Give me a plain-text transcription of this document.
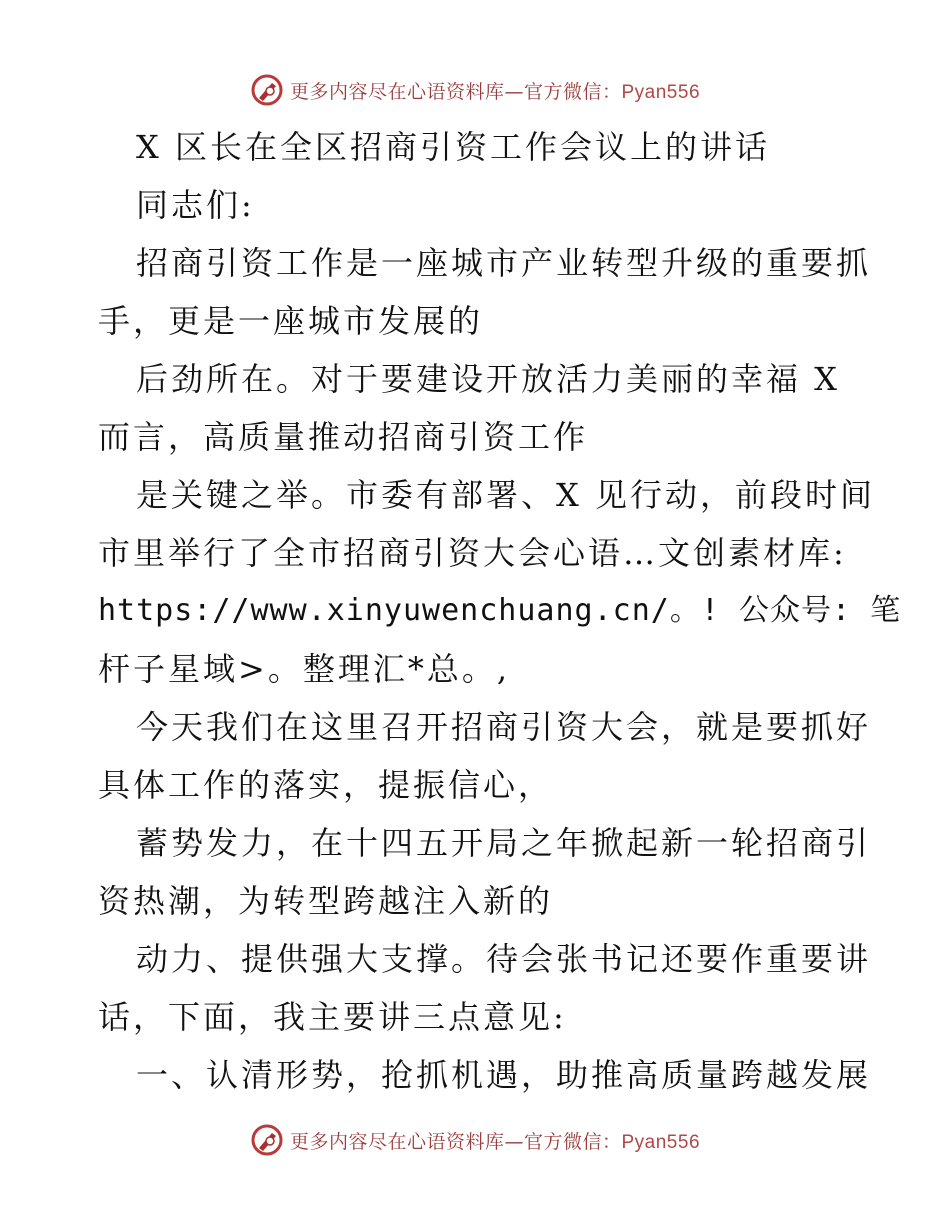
更多内容尽在心语资料库—官方微信：Pyan556
X 区长在全区招商引资工作会议上的讲话
同志们:
招商引资工作是一座城市产业转型升级的重要抓
手，更是一座城市发展的
后劲所在。对于要建设开放活力美丽的幸福 X
而言，高质量推动招商引资工作
是关键之举。市委有部署、X 见行动，前段时间
市里举行了全市招商引资大会心语…文创素材库:
https://www.xinyuwenchuang.cn/。! 公众号: 笔
杆子星域>。整理汇*总。,
今天我们在这里召开招商引资大会，就是要抓好
具体工作的落实，提振信心，
蓄势发力，在十四五开局之年掀起新一轮招商引
资热潮，为转型跨越注入新的
动力、提供强大支撑。待会张书记还要作重要讲
话，下面，我主要讲三点意见:
一、认清形势，抢抓机遇，助推高质量跨越发展
更多内容尽在心语资料库—官方微信：Pyan556
